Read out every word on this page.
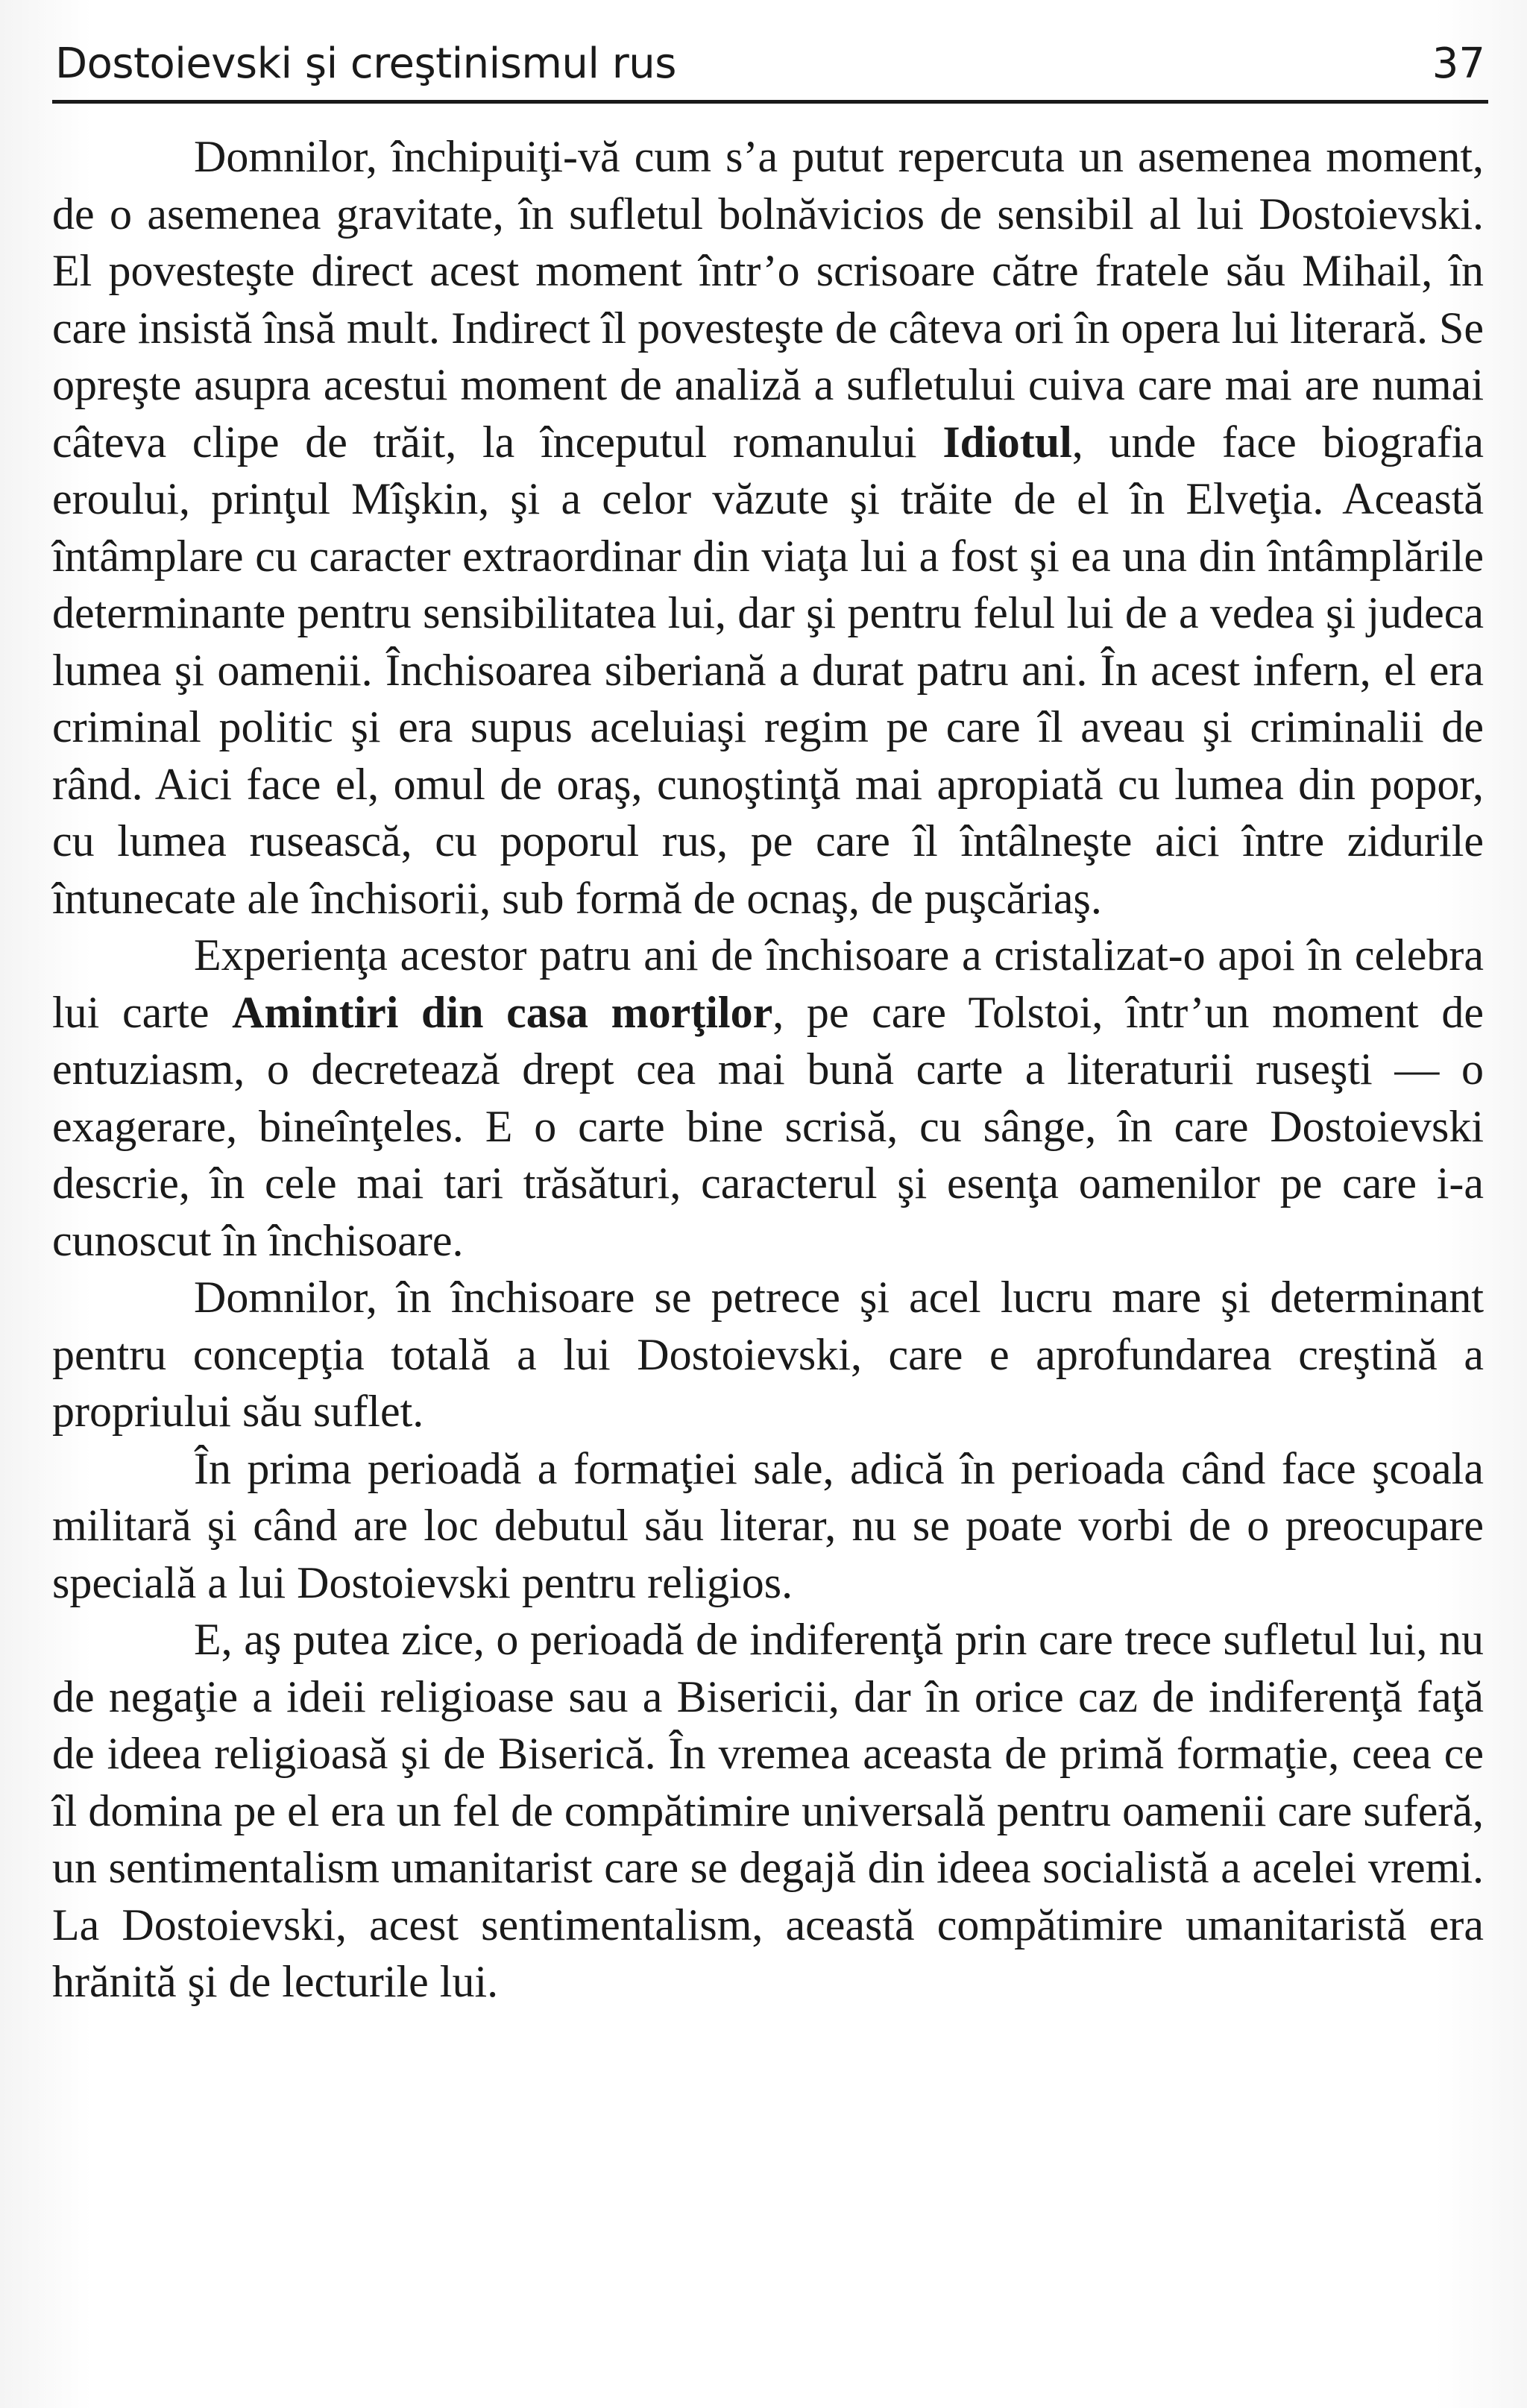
Dostoievski şi creştinismul rus	37

Domnilor, închipuiţi-vă cum s’a putut repercuta un asemenea moment, de o asemenea gravitate, în sufletul bolnăvicios de sensibil al lui Dostoievski. El povesteşte direct acest moment într’o scrisoare către fratele său Mihail, în care insistă însă mult. Indirect îl povesteşte de câteva ori în opera lui literară. Se opreşte asupra acestui moment de analiză a sufletului cuiva care mai are numai câteva clipe de trăit, la începutul romanului Idiotul, unde face biografia eroului, prinţul Mîşkin, şi a celor văzute şi trăite de el în Elveţia. Această întâmplare cu caracter extraordinar din viaţa lui a fost şi ea una din întâmplările determinante pentru sensibilitatea lui, dar şi pentru felul lui de a vedea şi judeca lumea şi oamenii. Închisoarea siberiană a durat patru ani. În acest infern, el era criminal politic şi era supus aceluiaşi regim pe care îl aveau şi criminalii de rând. Aici face el, omul de oraş, cunoştinţă mai apropiată cu lumea din popor, cu lumea rusească, cu poporul rus, pe care îl întâlneşte aici între zidurile întunecate ale închisorii, sub formă de ocnaş, de puşcăriaş.

Experienţa acestor patru ani de închisoare a cristalizat-o apoi în celebra lui carte Amintiri din casa morţilor, pe care Tolstoi, într’un moment de entuziasm, o decretează drept cea mai bună carte a literaturii ruseşti — o exagerare, bineînţeles. E o carte bine scrisă, cu sânge, în care Dostoievski descrie, în cele mai tari trăsături, caracterul şi esenţa oamenilor pe care i-a cunoscut în închisoare.

Domnilor, în închisoare se petrece şi acel lucru mare şi determinant pentru concepţia totală a lui Dostoievski, care e aprofundarea creştină a propriului său suflet.

În prima perioadă a formaţiei sale, adică în perioada când face şcoala militară şi când are loc debutul său literar, nu se poate vorbi de o preocupare specială a lui Dostoievski pentru religios.

E, aş putea zice, o perioadă de indiferenţă prin care trece sufletul lui, nu de negaţie a ideii religioase sau a Bisericii, dar în orice caz de indiferenţă faţă de ideea religioasă şi de Biserică. În vremea aceasta de primă formaţie, ceea ce îl domina pe el era un fel de compătimire universală pentru oamenii care suferă, un sentimentalism umanitarist care se degajă din ideea socialistă a acelei vremi. La Dostoievski, acest sentimentalism, această compătimire umanitaristă era hrănită şi de lecturile lui.
